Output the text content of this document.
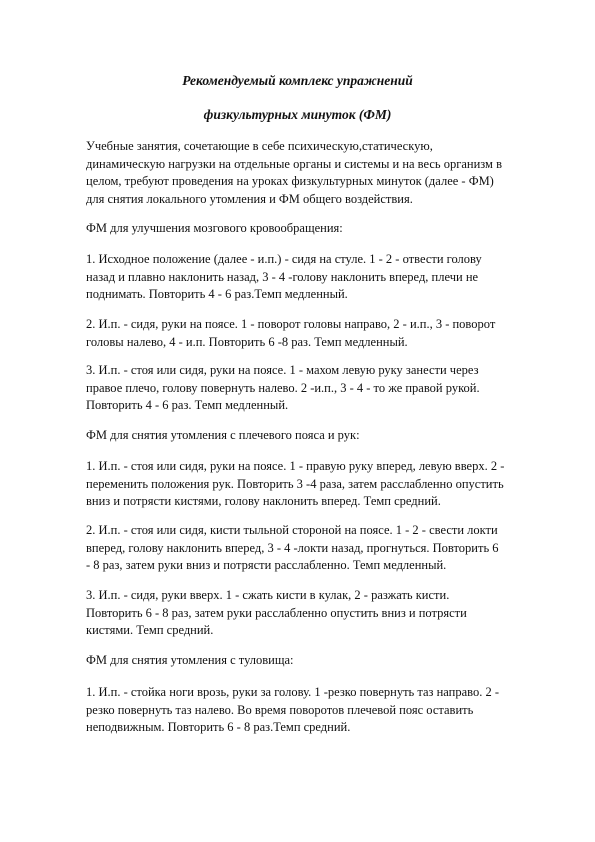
Рекомендуемый комплекс упражнений
физкультурных минуток (ФМ)
Учебные занятия, сочетающие в себе психическую,статическую,
динамическую нагрузки на отдельные органы и системы и на весь организм в
целом, требуют проведения на уроках физкультурных минуток (далее - ФМ)
для снятия локального утомления и ФМ общего воздействия.
ФМ для улучшения мозгового кровообращения:
1. Исходное положение (далее - и.п.) - сидя на стуле. 1 - 2 - отвести голову
назад и плавно наклонить назад, 3 - 4 -голову наклонить вперед, плечи не
поднимать. Повторить 4 - 6 раз.Темп медленный.
2. И.п. - сидя, руки на поясе. 1 - поворот головы направо, 2 - и.п., 3 - поворот
головы налево, 4 - и.п. Повторить 6 -8 раз. Темп медленный.
3. И.п. - стоя или сидя, руки на поясе. 1 - махом левую руку занести через
правое плечо, голову повернуть налево. 2 -и.п., 3 - 4 - то же правой рукой.
Повторить 4 - 6 раз. Темп медленный.
ФМ для снятия утомления с плечевого пояса и рук:
1. И.п. - стоя или сидя, руки на поясе. 1 - правую руку вперед, левую вверх. 2 -
переменить положения рук. Повторить 3 -4 раза, затем расслабленно опустить
вниз и потрясти кистями, голову наклонить вперед. Темп средний.
2. И.п. - стоя или сидя, кисти тыльной стороной на поясе. 1 - 2 - свести локти
вперед, голову наклонить вперед, 3 - 4 -локти назад, прогнуться. Повторить 6
- 8 раз, затем руки вниз и потрясти расслабленно. Темп медленный.
3. И.п. - сидя, руки вверх. 1 - сжать кисти в кулак, 2 - разжать кисти.
Повторить 6 - 8 раз, затем руки расслабленно опустить вниз и потрясти
кистями. Темп средний.
ФМ для снятия утомления с туловища:
1. И.п. - стойка ноги врозь, руки за голову. 1 -резко повернуть таз направо. 2 -
резко повернуть таз налево. Во время поворотов плечевой пояс оставить
неподвижным. Повторить 6 - 8 раз.Темп средний.
